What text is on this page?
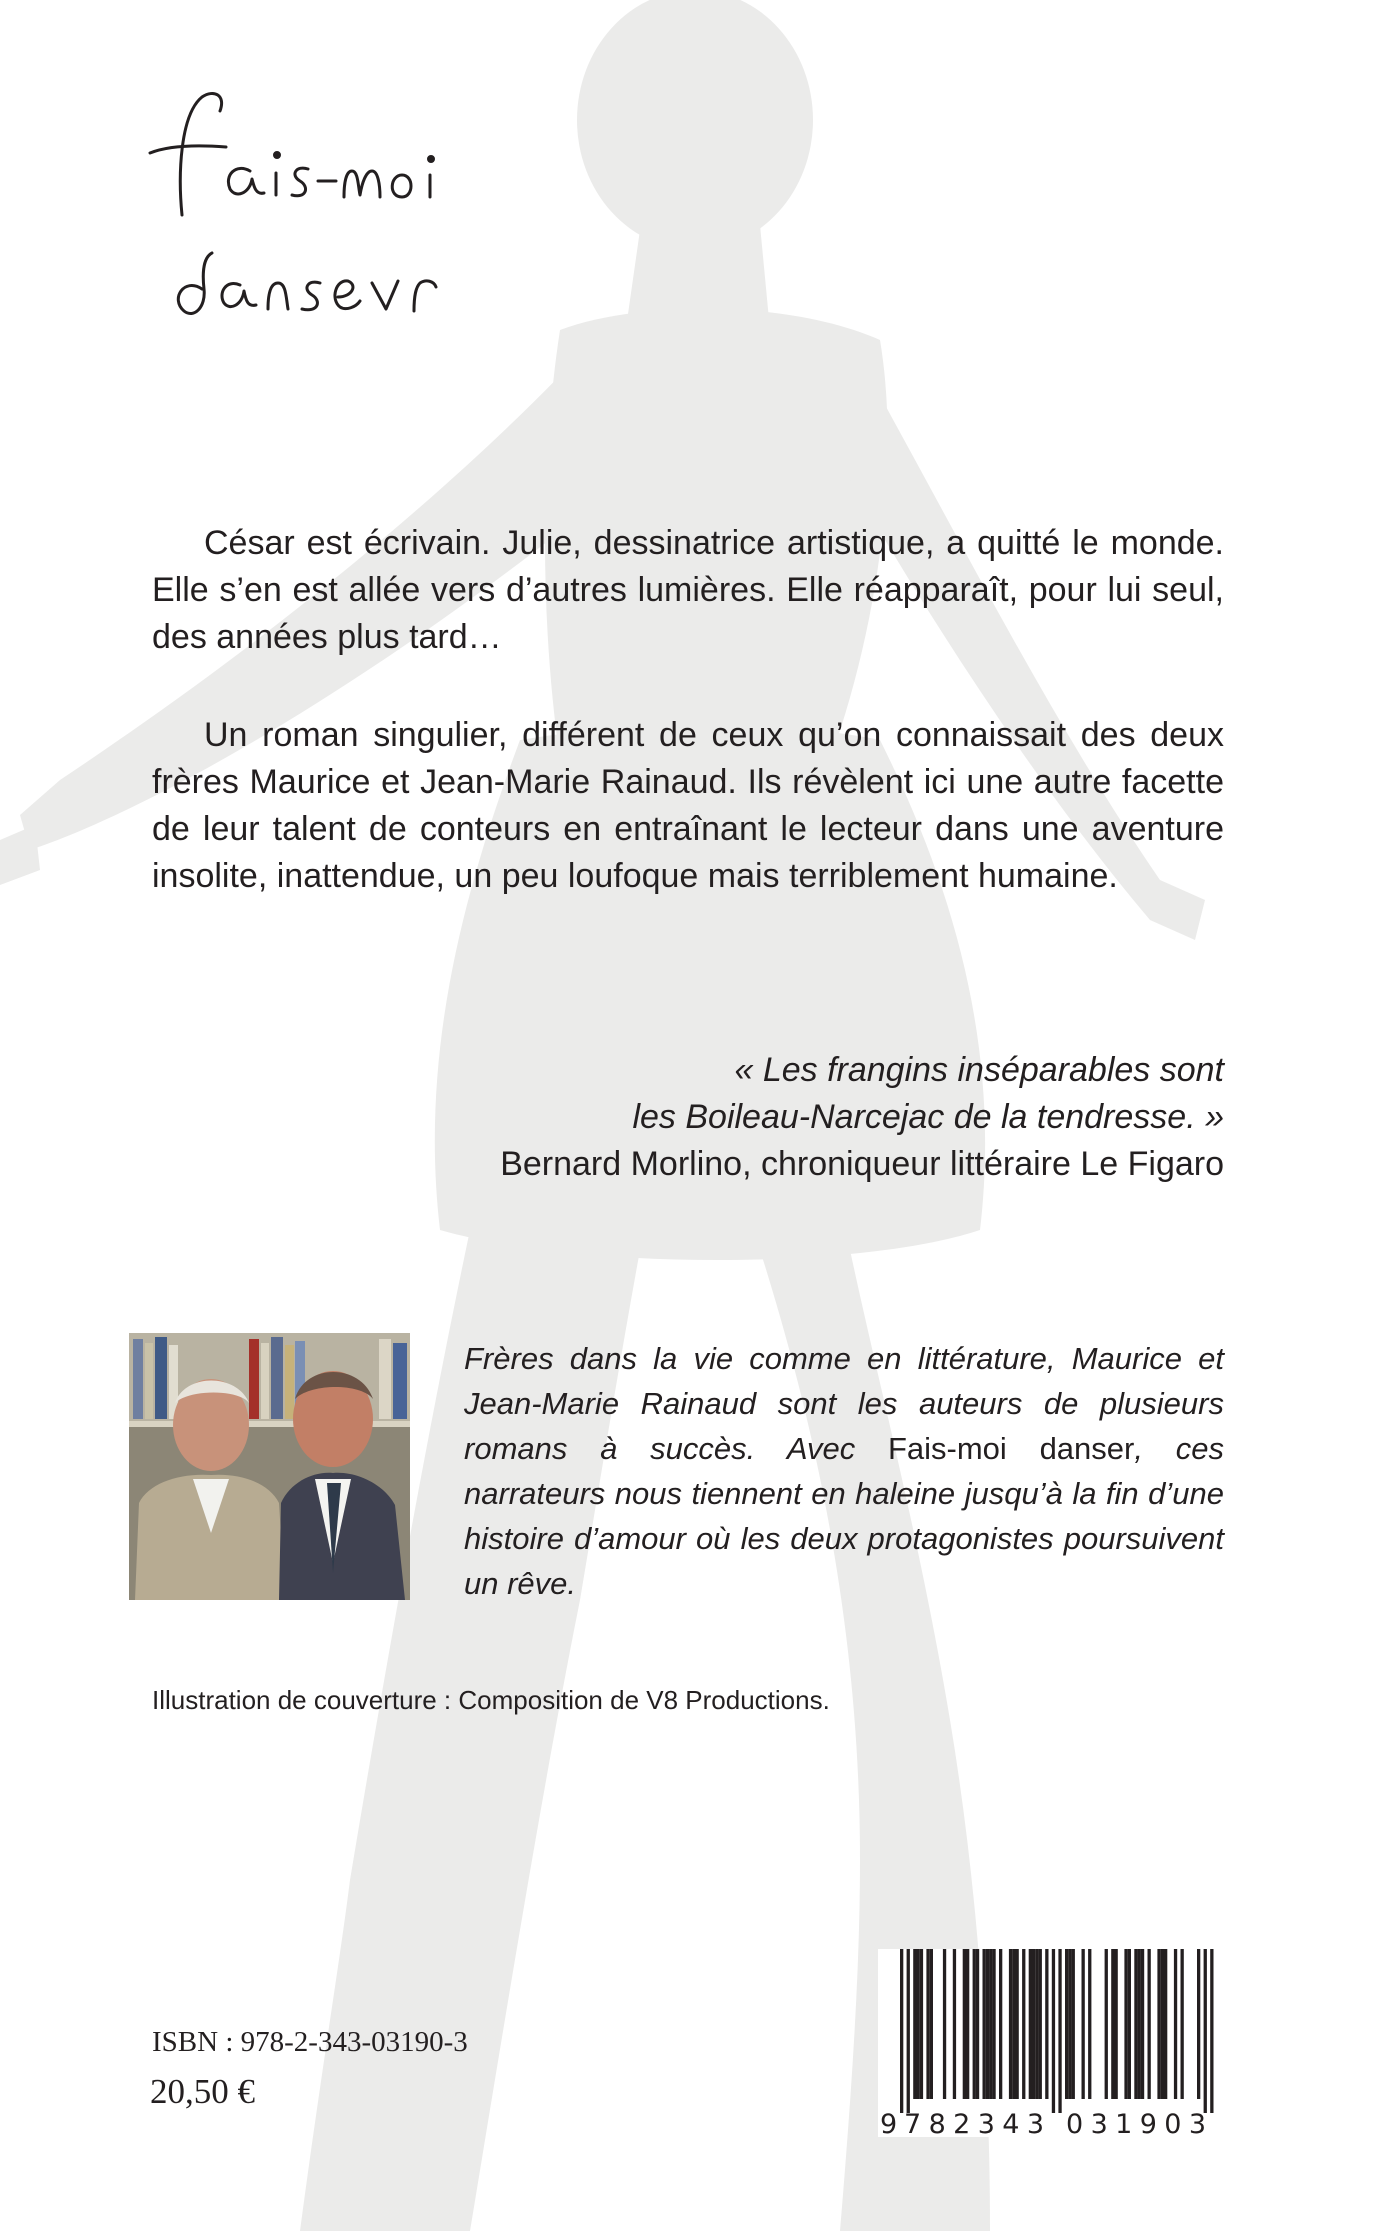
César est écrivain. Julie, dessinatrice artistique, a quitté le monde. Elle s’en est allée vers d’autres lumières. Elle réapparaît, pour lui seul, des années plus tard…

Un roman singulier, différent de ceux qu’on connaissait des deux frères Maurice et Jean-Marie Rainaud. Ils révèlent ici une autre facette de leur talent de conteurs en entraînant le lecteur dans une aventure insolite, inattendue, un peu loufoque mais terriblement humaine.

« Les frangins inséparables sont
les Boileau-Narcejac de la tendresse. »
Bernard Morlino, chroniqueur littéraire Le Figaro

Frères dans la vie comme en littérature, Maurice et Jean-Marie Rainaud sont les auteurs de plusieurs romans à succès. Avec Fais-moi danser, ces narrateurs nous tiennent en haleine jusqu’à la fin d’une histoire d’amour où les deux protagonistes poursuivent un rêve.

Illustration de couverture : Composition de V8 Productions.
ISBN : 978-2-343-03190-3
20,50 €
9 782343 031903
